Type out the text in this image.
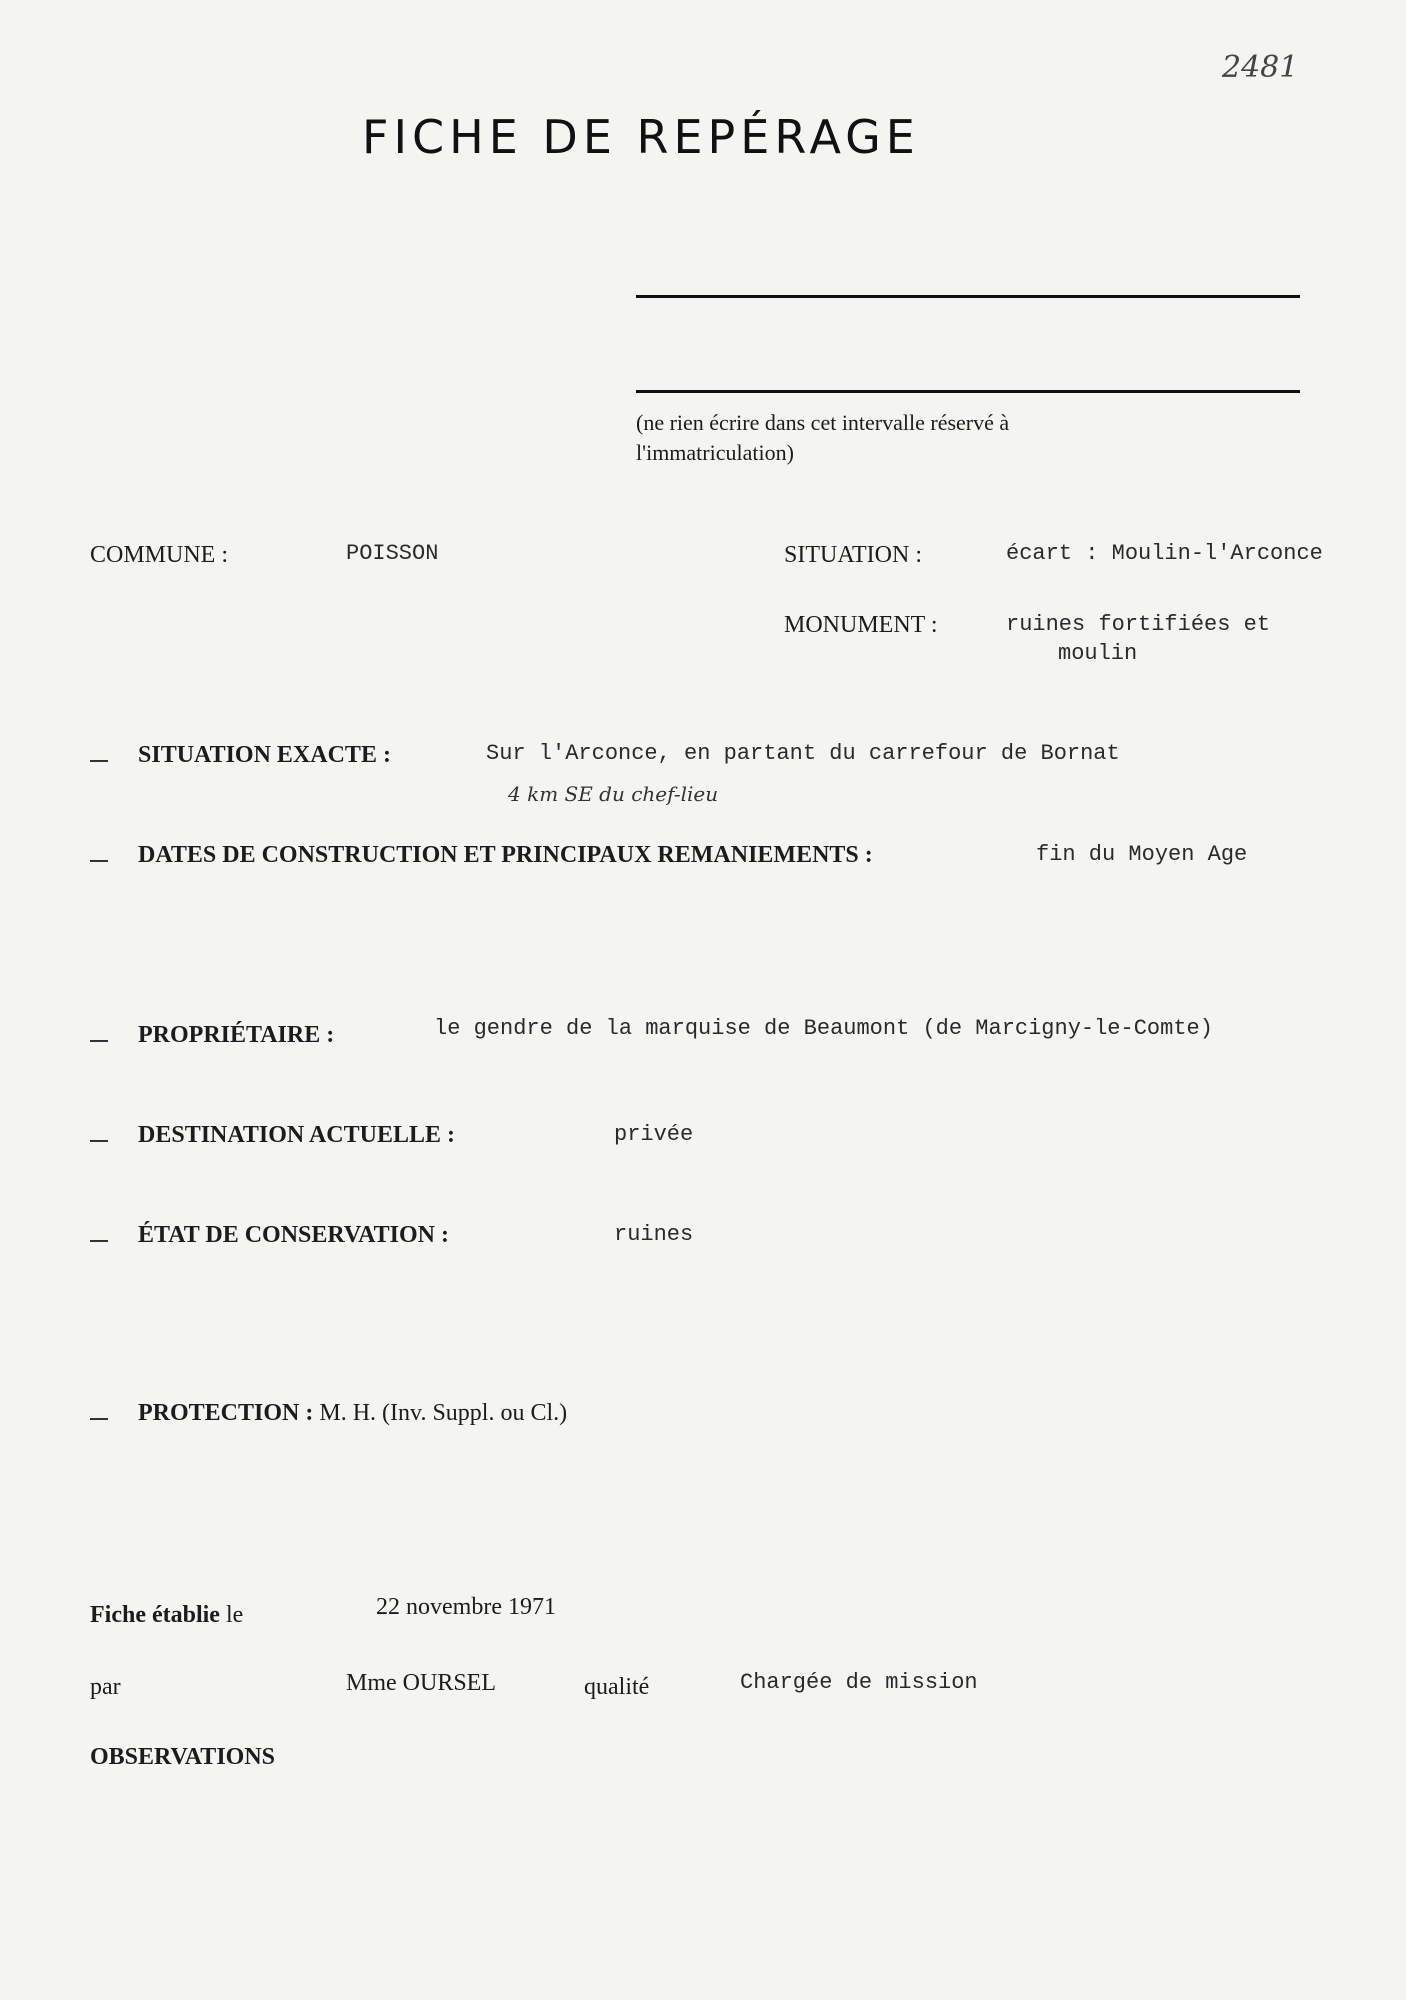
2481
FICHE DE REPÉRAGE
(ne rien écrire dans cet intervalle réservé à l'immatriculation)
COMMUNE :	POISSON	SITUATION :	écart : Moulin-l'Arconce
MONUMENT :	ruines fortifiées et
moulin
SITUATION EXACTE :	Sur l'Arconce, en partant du carrefour de Bornat
4 km SE du chef-lieu
DATES DE CONSTRUCTION ET PRINCIPAUX REMANIEMENTS :	fin du Moyen Age
PROPRIÉTAIRE :	le gendre de la marquise de Beaumont (de Marcigny-le-Comte)
DESTINATION ACTUELLE :	privée
ÉTAT DE CONSERVATION :	ruines
PROTECTION : M. H. (Inv. Suppl. ou Cl.)
Fiche établie le	22 novembre 1971
par	Mme OURSEL	qualité	Chargée de mission
OBSERVATIONS
